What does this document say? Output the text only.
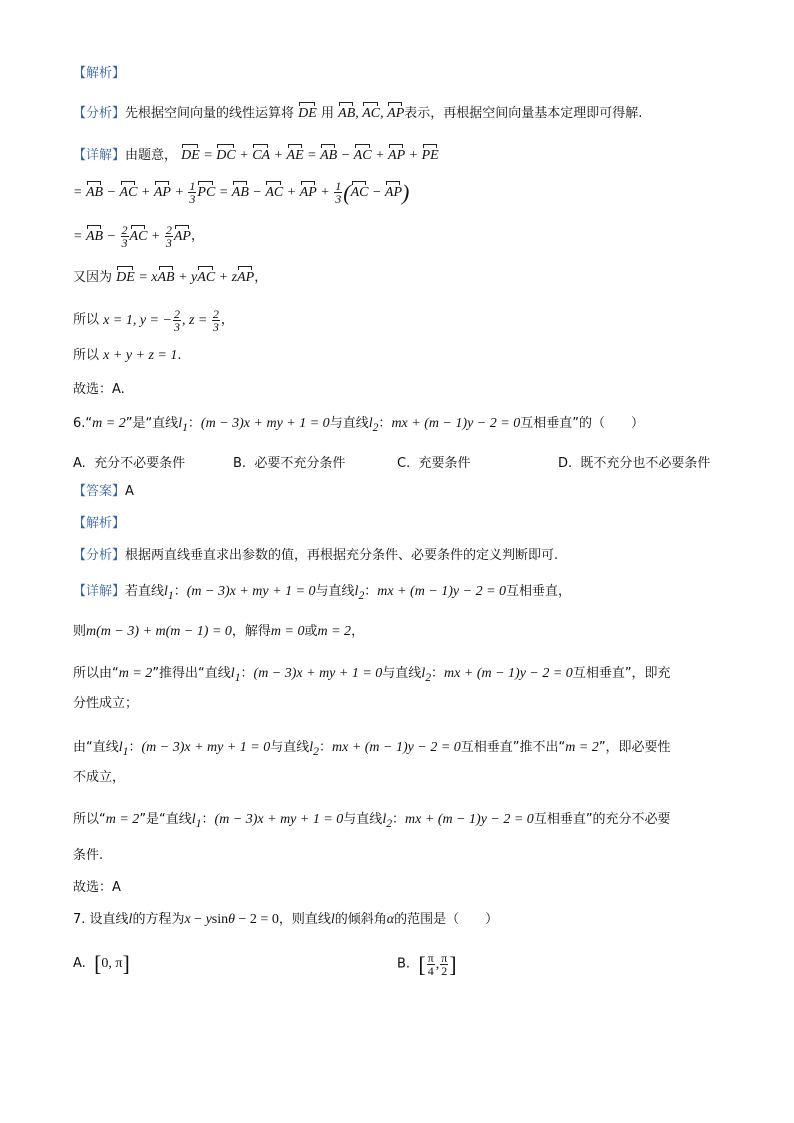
【解析】
【分析】先根据空间向量的线性运算将 DE 用 AB, AC, AP表示，再根据空间向量基本定理即可得解.
【详解】由题意， DE = DC + CA + AE = AB − AC + AP + PE
= AB − AC + AP + $\frac{1}{3}$ PC = AB − AC + AP + $\frac{1}{3} (AC - AP)$
= AB − $\frac{2}{3}$ AC + $\frac{2}{3}$ AP，
又因为 DE = xAB + yAC + zAP，
所以 x = 1, y = − $\frac{2}{3}$ , $z = \frac{2}{3}$ ，
所以 x + y + z = 1.
故选：A.
6.“m = 2”是“直线$l_1$：(m − 3)x + my + 1 = 0与直线$l_2$：mx + (m − 1)y − 2 = 0互相垂直”的（　　）
A. 充分不必要条件	B. 必要不充分条件	C. 充要条件	D. 既不充分也不必要条件
【答案】A
【解析】
【分析】根据两直线垂直求出参数的值，再根据充分条件、必要条件的定义判断即可.
【详解】若直线$l_1$：(m − 3)x + my + 1 = 0与直线$l_2$：mx + (m − 1)y − 2 = 0互相垂直，
则m(m − 3) + m(m − 1) = 0，解得m = 0或m = 2，
所以由“m = 2”推得出“直线$l_1$：(m − 3)x + my + 1 = 0与直线$l_2$：mx + (m − 1)y − 2 = 0互相垂直”，即充
分性成立；
由“直线$l_1$：(m − 3)x + my + 1 = 0与直线$l_2$：mx + (m − 1)y − 2 = 0互相垂直”推不出“m = 2”，即必要性
不成立，
所以“m = 2”是“直线$l_1$：(m − 3)x + my + 1 = 0与直线$l_2$：mx + (m − 1)y − 2 = 0互相垂直”的充分不必要
条件.
故选：A
7. 设直线l的方程为x − ysinθ − 2 = 0，则直线l的倾斜角α的范围是（　　）
A. [0, π]	B. [ $\frac{\pi}{4}$ , $\frac{\pi}{2}$ ]
